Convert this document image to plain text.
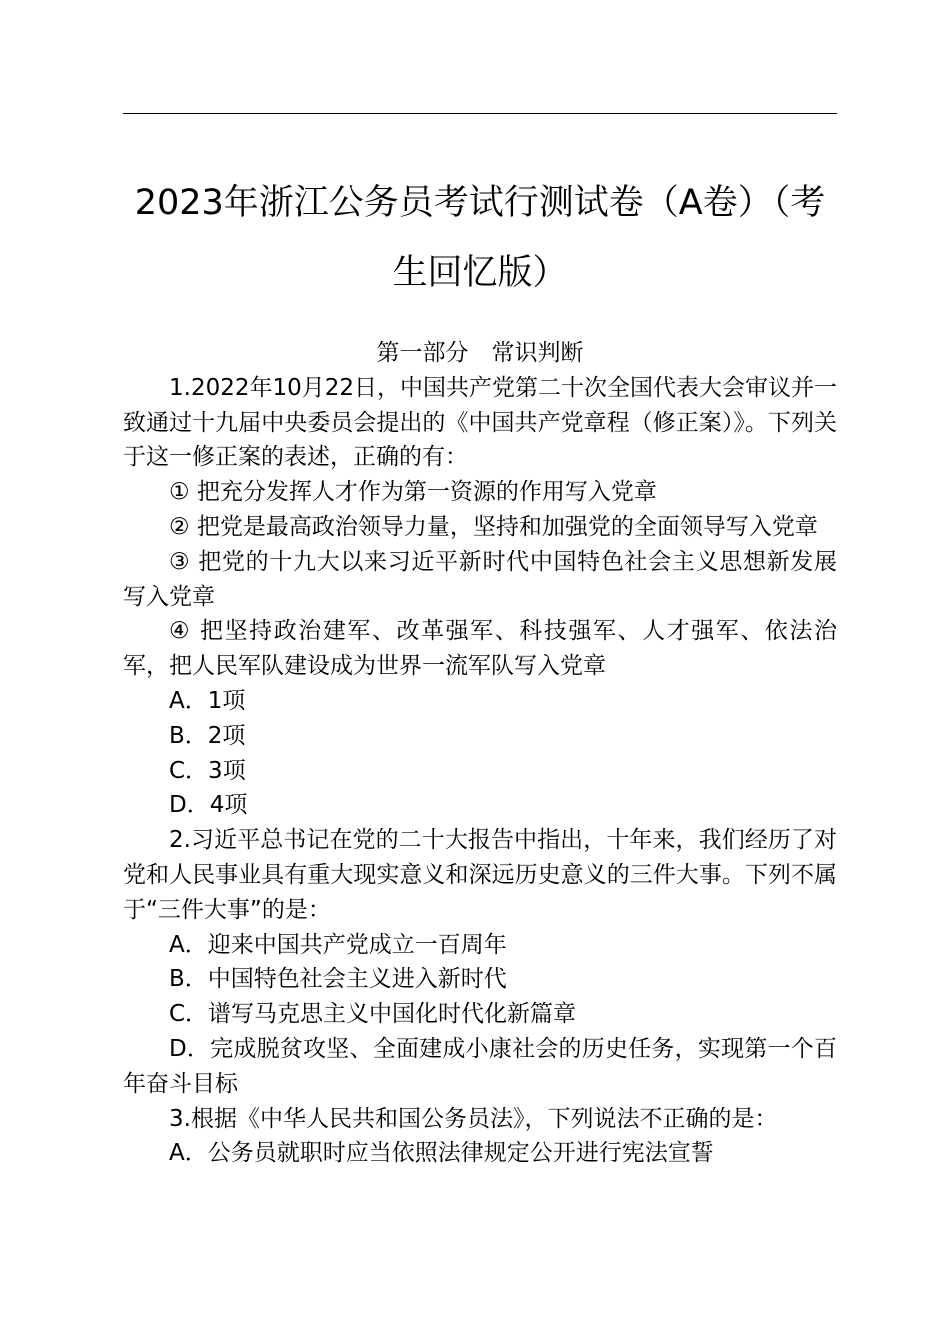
2023年浙江公务员考试行测试卷（A卷）（考
生回忆版）

第一部分　常识判断

1.2022年10月22日，中国共产党第二十次全国代表大会审议并一致通过十九届中央委员会提出的《中国共产党章程（修正案）》。下列关于这一修正案的表述，正确的有：

① 把充分发挥人才作为第一资源的作用写入党章

② 把党是最高政治领导力量，坚持和加强党的全面领导写入党章

③ 把党的十九大以来习近平新时代中国特色社会主义思想新发展写入党章

④ 把坚持政治建军、改革强军、科技强军、人才强军、依法治军，把人民军队建设成为世界一流军队写入党章

A．1项

B．2项

C．3项

D．4项

2.习近平总书记在党的二十大报告中指出，十年来，我们经历了对党和人民事业具有重大现实意义和深远历史意义的三件大事。下列不属于“三件大事”的是：

A．迎来中国共产党成立一百周年

B．中国特色社会主义进入新时代

C．谱写马克思主义中国化时代化新篇章

D．完成脱贫攻坚、全面建成小康社会的历史任务，实现第一个百年奋斗目标

3.根据《中华人民共和国公务员法》，下列说法不正确的是：

A．公务员就职时应当依照法律规定公开进行宪法宣誓
